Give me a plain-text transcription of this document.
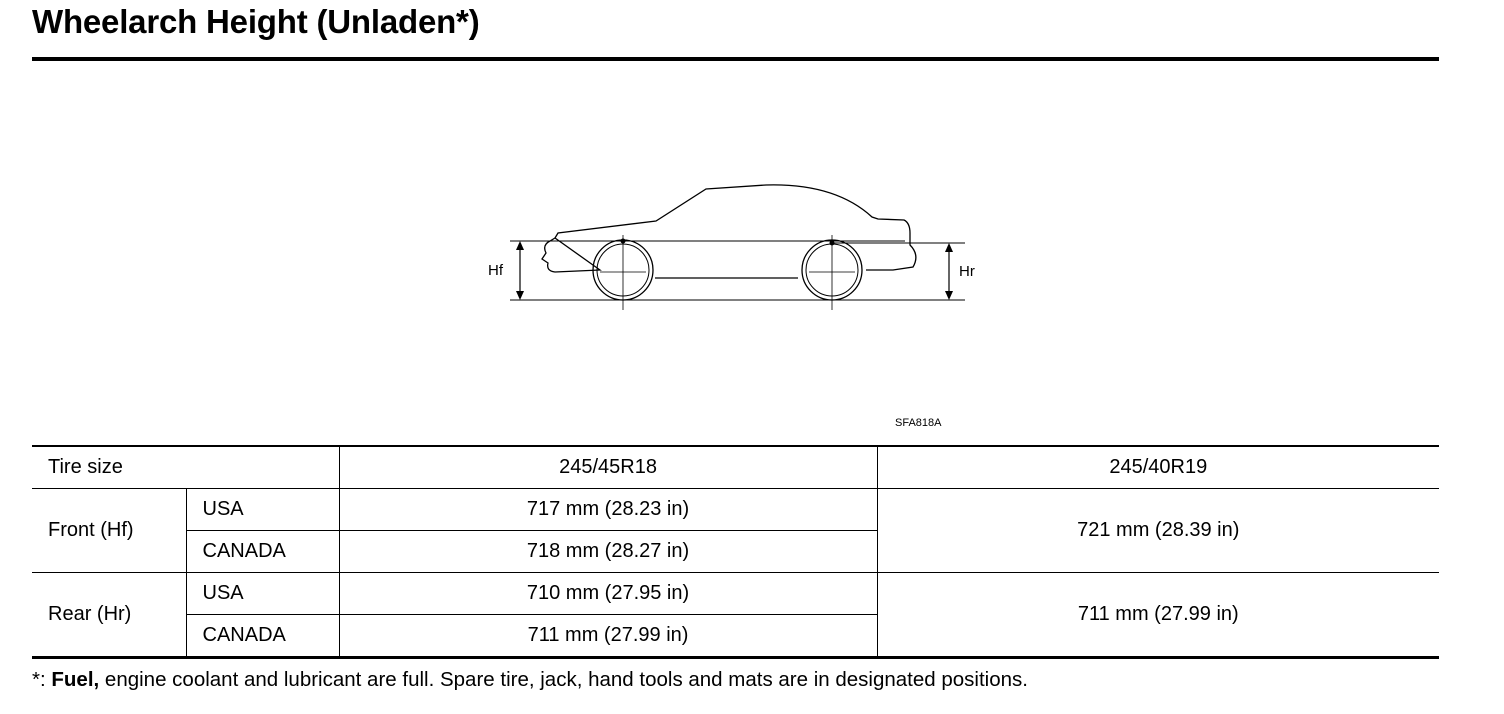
Wheelarch Height (Unladen*)
Hf	Hr
SFA818A
Tire size		245/45R18	245/40R19
Front (Hf)	USA	717 mm (28.23 in)	721 mm (28.39 in)
	CANADA	718 mm (28.27 in)	
Rear (Hr)	USA	710 mm (27.95 in)	711 mm (27.99 in)
	CANADA	711 mm (27.99 in)	
*: Fuel, engine coolant and lubricant are full. Spare tire, jack, hand tools and mats are in designated positions.
